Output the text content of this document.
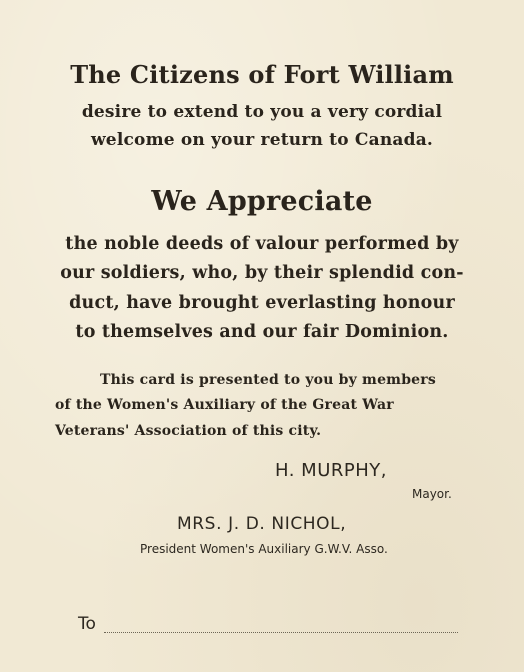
The Citizens of Fort William
desire to extend to you a very cordial
welcome on your return to Canada.
We Appreciate
the noble deeds of valour performed by
our soldiers, who, by their splendid con-
duct, have brought everlasting honour
to themselves and our fair Dominion.
This card is presented to you by members
of the Women's Auxiliary of the Great War
Veterans' Association of this city.
H. MURPHY,
Mayor.
MRS. J. D. NICHOL,
President Women's Auxiliary G.W.V. Asso.
To
